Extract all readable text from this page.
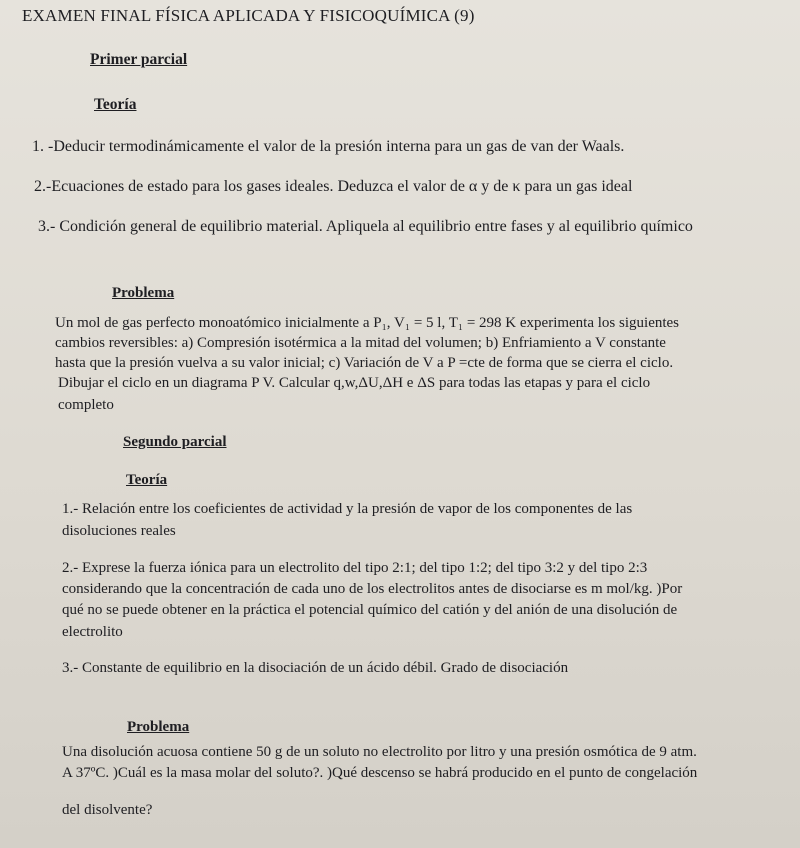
EXAMEN FINAL FÍSICA APLICADA Y FISICOQUÍMICA (9)
Primer parcial
Teoría
1. -Deducir termodinámicamente el valor de la presión interna para un gas de van der Waals.
2.-Ecuaciones de estado para los gases ideales. Deduzca el valor de α y de κ para un gas ideal
3.- Condición general de equilibrio material. Apliquela al equilibrio entre fases y al equilibrio químico
Problema
Un mol de gas perfecto monoatómico inicialmente a P₁, V₁ = 5 l, T₁ = 298 K experimenta los siguientes
cambios reversibles: a) Compresión isotérmica a la mitad del volumen; b) Enfriamiento a V constante
hasta que la presión vuelva a su valor inicial; c) Variación de V a P =cte de forma que se cierra el ciclo.
Dibujar el ciclo en un diagrama P V. Calcular q,w,ΔU,ΔH e ΔS para todas las etapas y para el ciclo
completo
Segundo parcial
Teoría
1.- Relación entre los coeficientes de actividad y la presión de vapor de los componentes de las
disoluciones reales
2.- Exprese la fuerza iónica para un electrolito del tipo 2:1; del tipo 1:2; del tipo 3:2 y del tipo 2:3
considerando que la concentración de cada uno de los electrolitos antes de disociarse es m mol/kg. )Por
qué no se puede obtener en la práctica el potencial químico del catión y del anión de una disolución de
electrolito
3.- Constante de equilibrio en la disociación de un ácido débil. Grado de disociación
Problema
Una disolución acuosa contiene 50 g de un soluto no electrolito por litro y una presión osmótica de 9 atm.
A 37ºC. )Cuál es la masa molar del soluto?. )Qué descenso se habrá producido en el punto de congelación
del disolvente?
